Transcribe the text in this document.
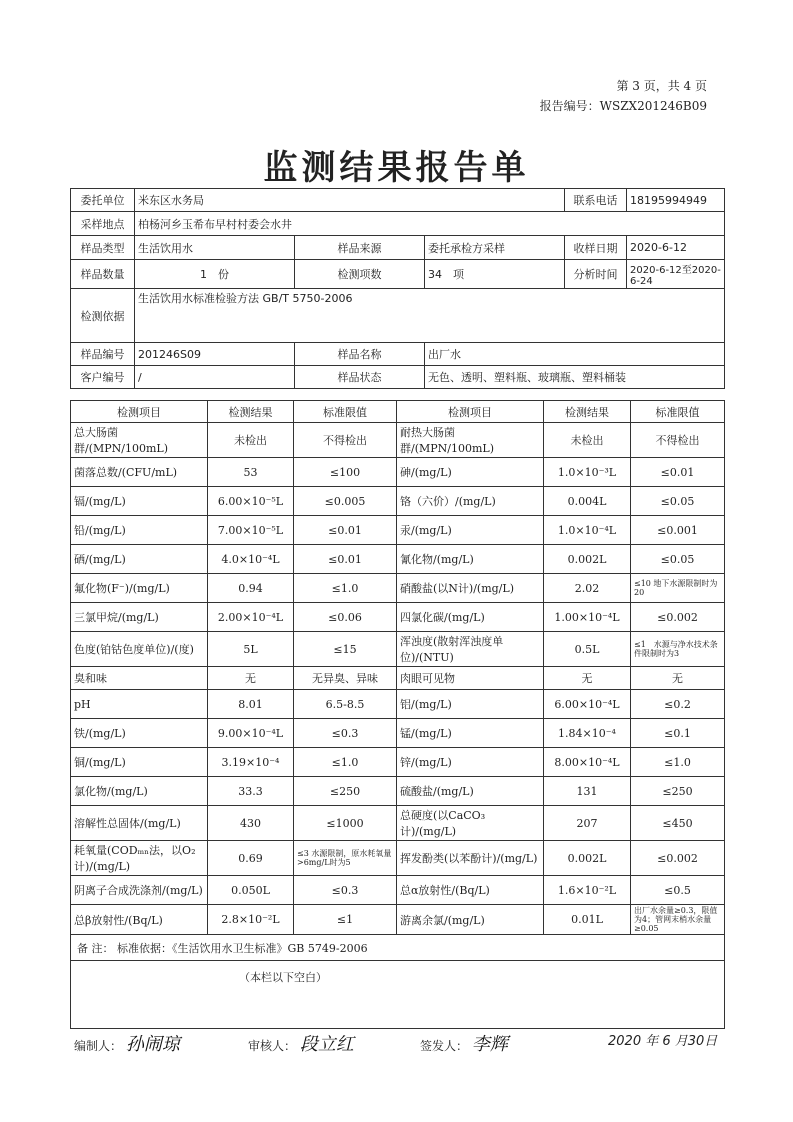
第 3 页，共 4 页
报告编号：WSZX201246B09
监测结果报告单
委托单位	米东区水务局			联系电话	18195994949
采样地点	柏杨河乡玉希布早村村委会水井				
样品类型	生活饮用水	样品来源	委托承检方采样	收样日期	2020-6-12
样品数量	1　份	检测项数	34　项	分析时间	2020-6-12至2020-6-24
检测依据	生活饮用水标准检验方法 GB/T 5750-2006				
样品编号	201246S09	样品名称	出厂水		
客户编号	/	样品状态	无色、透明、塑料瓶、玻璃瓶、塑料桶装		
检测项目	检测结果	标准限值	检测项目	检测结果	标准限值
总大肠菌群/(MPN/100mL)	未检出	不得检出	耐热大肠菌群/(MPN/100mL)	未检出	不得检出
菌落总数/(CFU/mL)	53	≤100	砷/(mg/L)	1.0×10⁻³L	≤0.01
镉/(mg/L)	6.00×10⁻⁵L	≤0.005	铬（六价）/(mg/L)	0.004L	≤0.05
铅/(mg/L)	7.00×10⁻⁵L	≤0.01	汞/(mg/L)	1.0×10⁻⁴L	≤0.001
硒/(mg/L)	4.0×10⁻⁴L	≤0.01	氰化物/(mg/L)	0.002L	≤0.05
氟化物(F⁻)/(mg/L)	0.94	≤1.0	硝酸盐(以N计)/(mg/L)	2.02	≤10 地下水源限制时为20
三氯甲烷/(mg/L)	2.00×10⁻⁴L	≤0.06	四氯化碳/(mg/L)	1.00×10⁻⁴L	≤0.002
色度(铂钴色度单位)/(度)	5L	≤15	浑浊度(散射浑浊度单位)/(NTU)	0.5L	≤1　水源与净水技术条件限制时为3
臭和味	无	无异臭、异味	肉眼可见物	无	无
pH	8.01	6.5-8.5	铝/(mg/L)	6.00×10⁻⁴L	≤0.2
铁/(mg/L)	9.00×10⁻⁴L	≤0.3	锰/(mg/L)	1.84×10⁻⁴	≤0.1
铜/(mg/L)	3.19×10⁻⁴	≤1.0	锌/(mg/L)	8.00×10⁻⁴L	≤1.0
氯化物/(mg/L)	33.3	≤250	硫酸盐/(mg/L)	131	≤250
溶解性总固体/(mg/L)	430	≤1000	总硬度(以CaCO₃ 计)/(mg/L)	207	≤450
耗氧量(CODₘₙ法，以O₂ 计)/(mg/L)	0.69	≤3 水源限制，原水耗氧量>6mg/L时为5	挥发酚类(以苯酚计)/(mg/L)	0.002L	≤0.002
阴离子合成洗涤剂/(mg/L)	0.050L	≤0.3	总α放射性/(Bq/L)	1.6×10⁻²L	≤0.5
总β放射性/(Bq/L)	2.8×10⁻²L	≤1	游离余氯/(mg/L)	0.01L	出厂水余量≥0.3，限值为4；管网末梢水余量≥0.05
备 注： 标准依据：《生活饮用水卫生标准》GB 5749-2006					
（本栏以下空白）					
编制人： 孙闹琼	审核人： 段立红	签发人： 李辉	2020 年 6 月30日
